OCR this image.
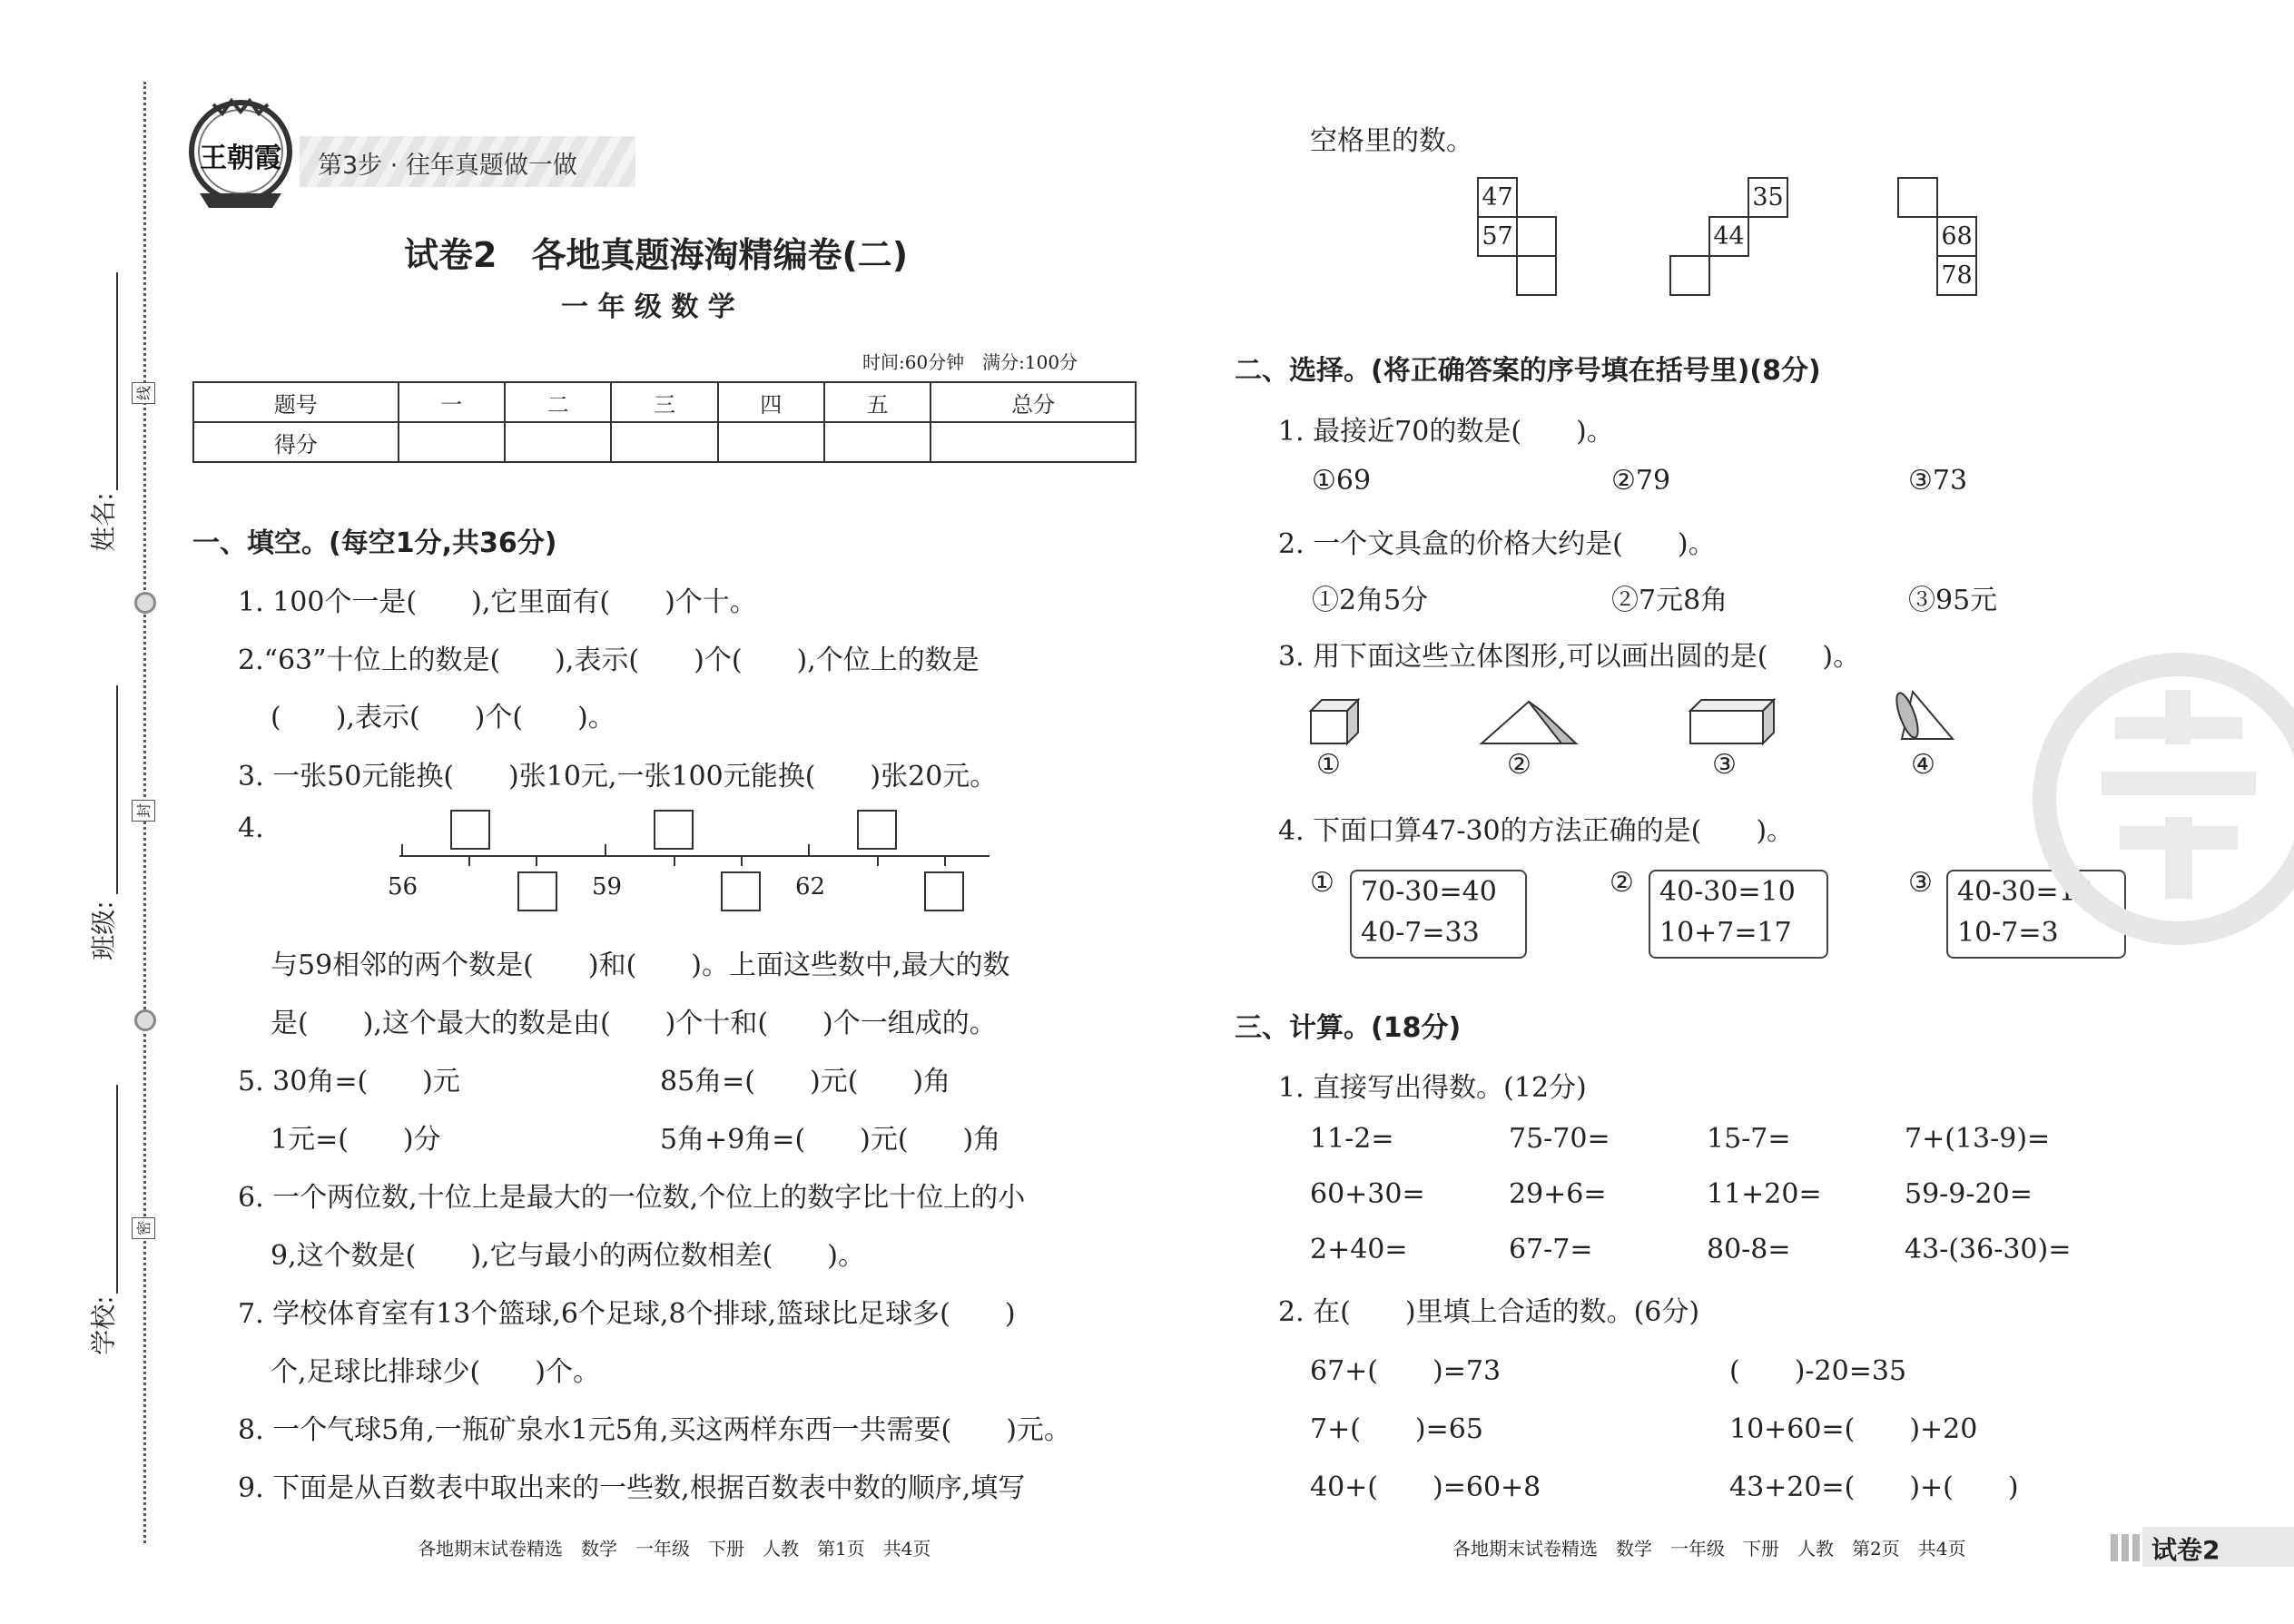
姓名:
班级:
学校:
线
封
密
王朝霞	第3步 · 往年真题做一做
试卷2　各地真题海淘精编卷(二)
一 年 级 数 学
时间:60分钟　满分:100分
题号	一	二	三	四	五	总分
得分						
一、填空。(每空1分,共36分)
1. 100个一是(　　),它里面有(　　)个十。
2.“63”十位上的数是(　　),表示(　　)个(　　),个位上的数是
(　　),表示(　　)个(　　)。
3. 一张50元能换(　　)张10元,一张100元能换(　　)张20元。
4.
56	59	62
与59相邻的两个数是(　　)和(　　)。上面这些数中,最大的数
是(　　),这个最大的数是由(　　)个十和(　　)个一组成的。
5. 30角=(　　)元	85角=(　　)元(　　)角
1元=(　　)分	5角+9角=(　　)元(　　)角
6. 一个两位数,十位上是最大的一位数,个位上的数字比十位上的小
9,这个数是(　　),它与最小的两位数相差(　　)。
7. 学校体育室有13个篮球,6个足球,8个排球,篮球比足球多(　　)
个,足球比排球少(　　)个。
8. 一个气球5角,一瓶矿泉水1元5角,买这两样东西一共需要(　　)元。
9. 下面是从百数表中取出来的一些数,根据百数表中数的顺序,填写
空格里的数。
47
57
35
44	68
78
二、选择。(将正确答案的序号填在括号里)(8分)
1. 最接近70的数是(　　)。
①69	②79	③73
2. 一个文具盒的价格大约是(　　)。
①2角5分	②7元8角	③95元
3. 用下面这些立体图形,可以画出圆的是(　　)。
①	②	③	④
4. 下面口算47-30的方法正确的是(　　)。
① 70-30=40
40-7=33
② 40-30=10
10+7=17
③ 40-30=10
10-7=3
三、计算。(18分)
1. 直接写出得数。(12分)
11-2=	75-70=	15-7=	7+(13-9)=
60+30=	29+6=	11+20=	59-9-20=
2+40=	67-7=	80-8=	43-(36-30)=
2. 在(　　)里填上合适的数。(6分)
67+(　　)=73	(　　)-20=35
7+(　　)=65	10+60=(　　)+20
40+(　　)=60+8	43+20=(　　)+(　　)
各地期末试卷精选　数学　一年级　下册　人教　第1页　共4页	各地期末试卷精选　数学　一年级　下册　人教　第2页　共4页	试卷2
